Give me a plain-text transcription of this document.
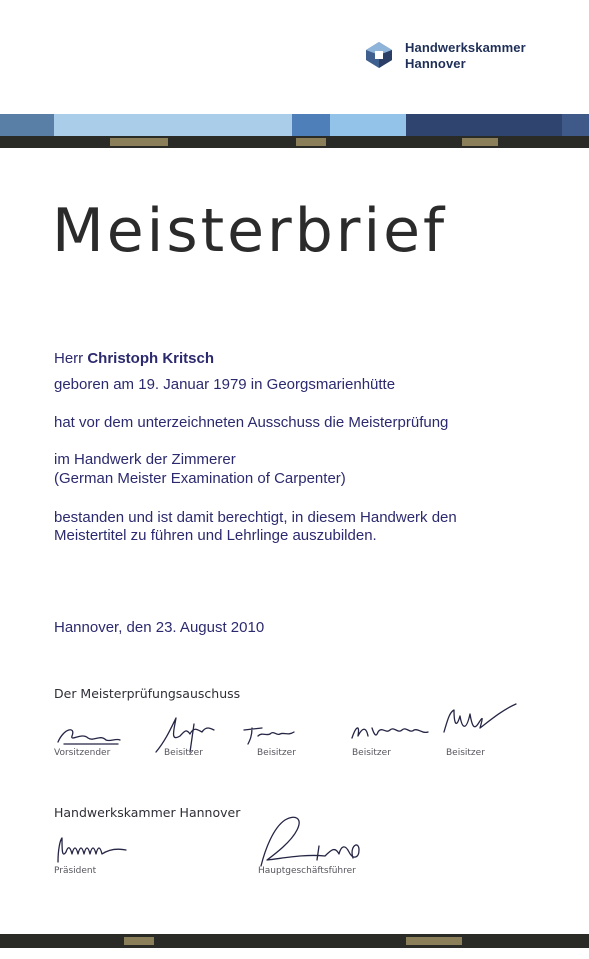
Handwerkskammer
Hannover
Meisterbrief
Herr Christoph Kritsch
geboren am 19. Januar 1979 in Georgsmarienhütte
hat vor dem unterzeichneten Ausschuss die Meisterprüfung
im Handwerk der Zimmerer
(German Meister Examination of Carpenter)
bestanden und ist damit berechtigt, in diesem Handwerk den
Meistertitel zu führen und Lehrlinge auszubilden.
Hannover, den 23. August 2010
Der Meisterprüfungsauschuss
Vorsitzender	Beisitzer	Beisitzer	Beisitzer	Beisitzer
Handwerkskammer Hannover
Präsident	Hauptgeschäftsführer
